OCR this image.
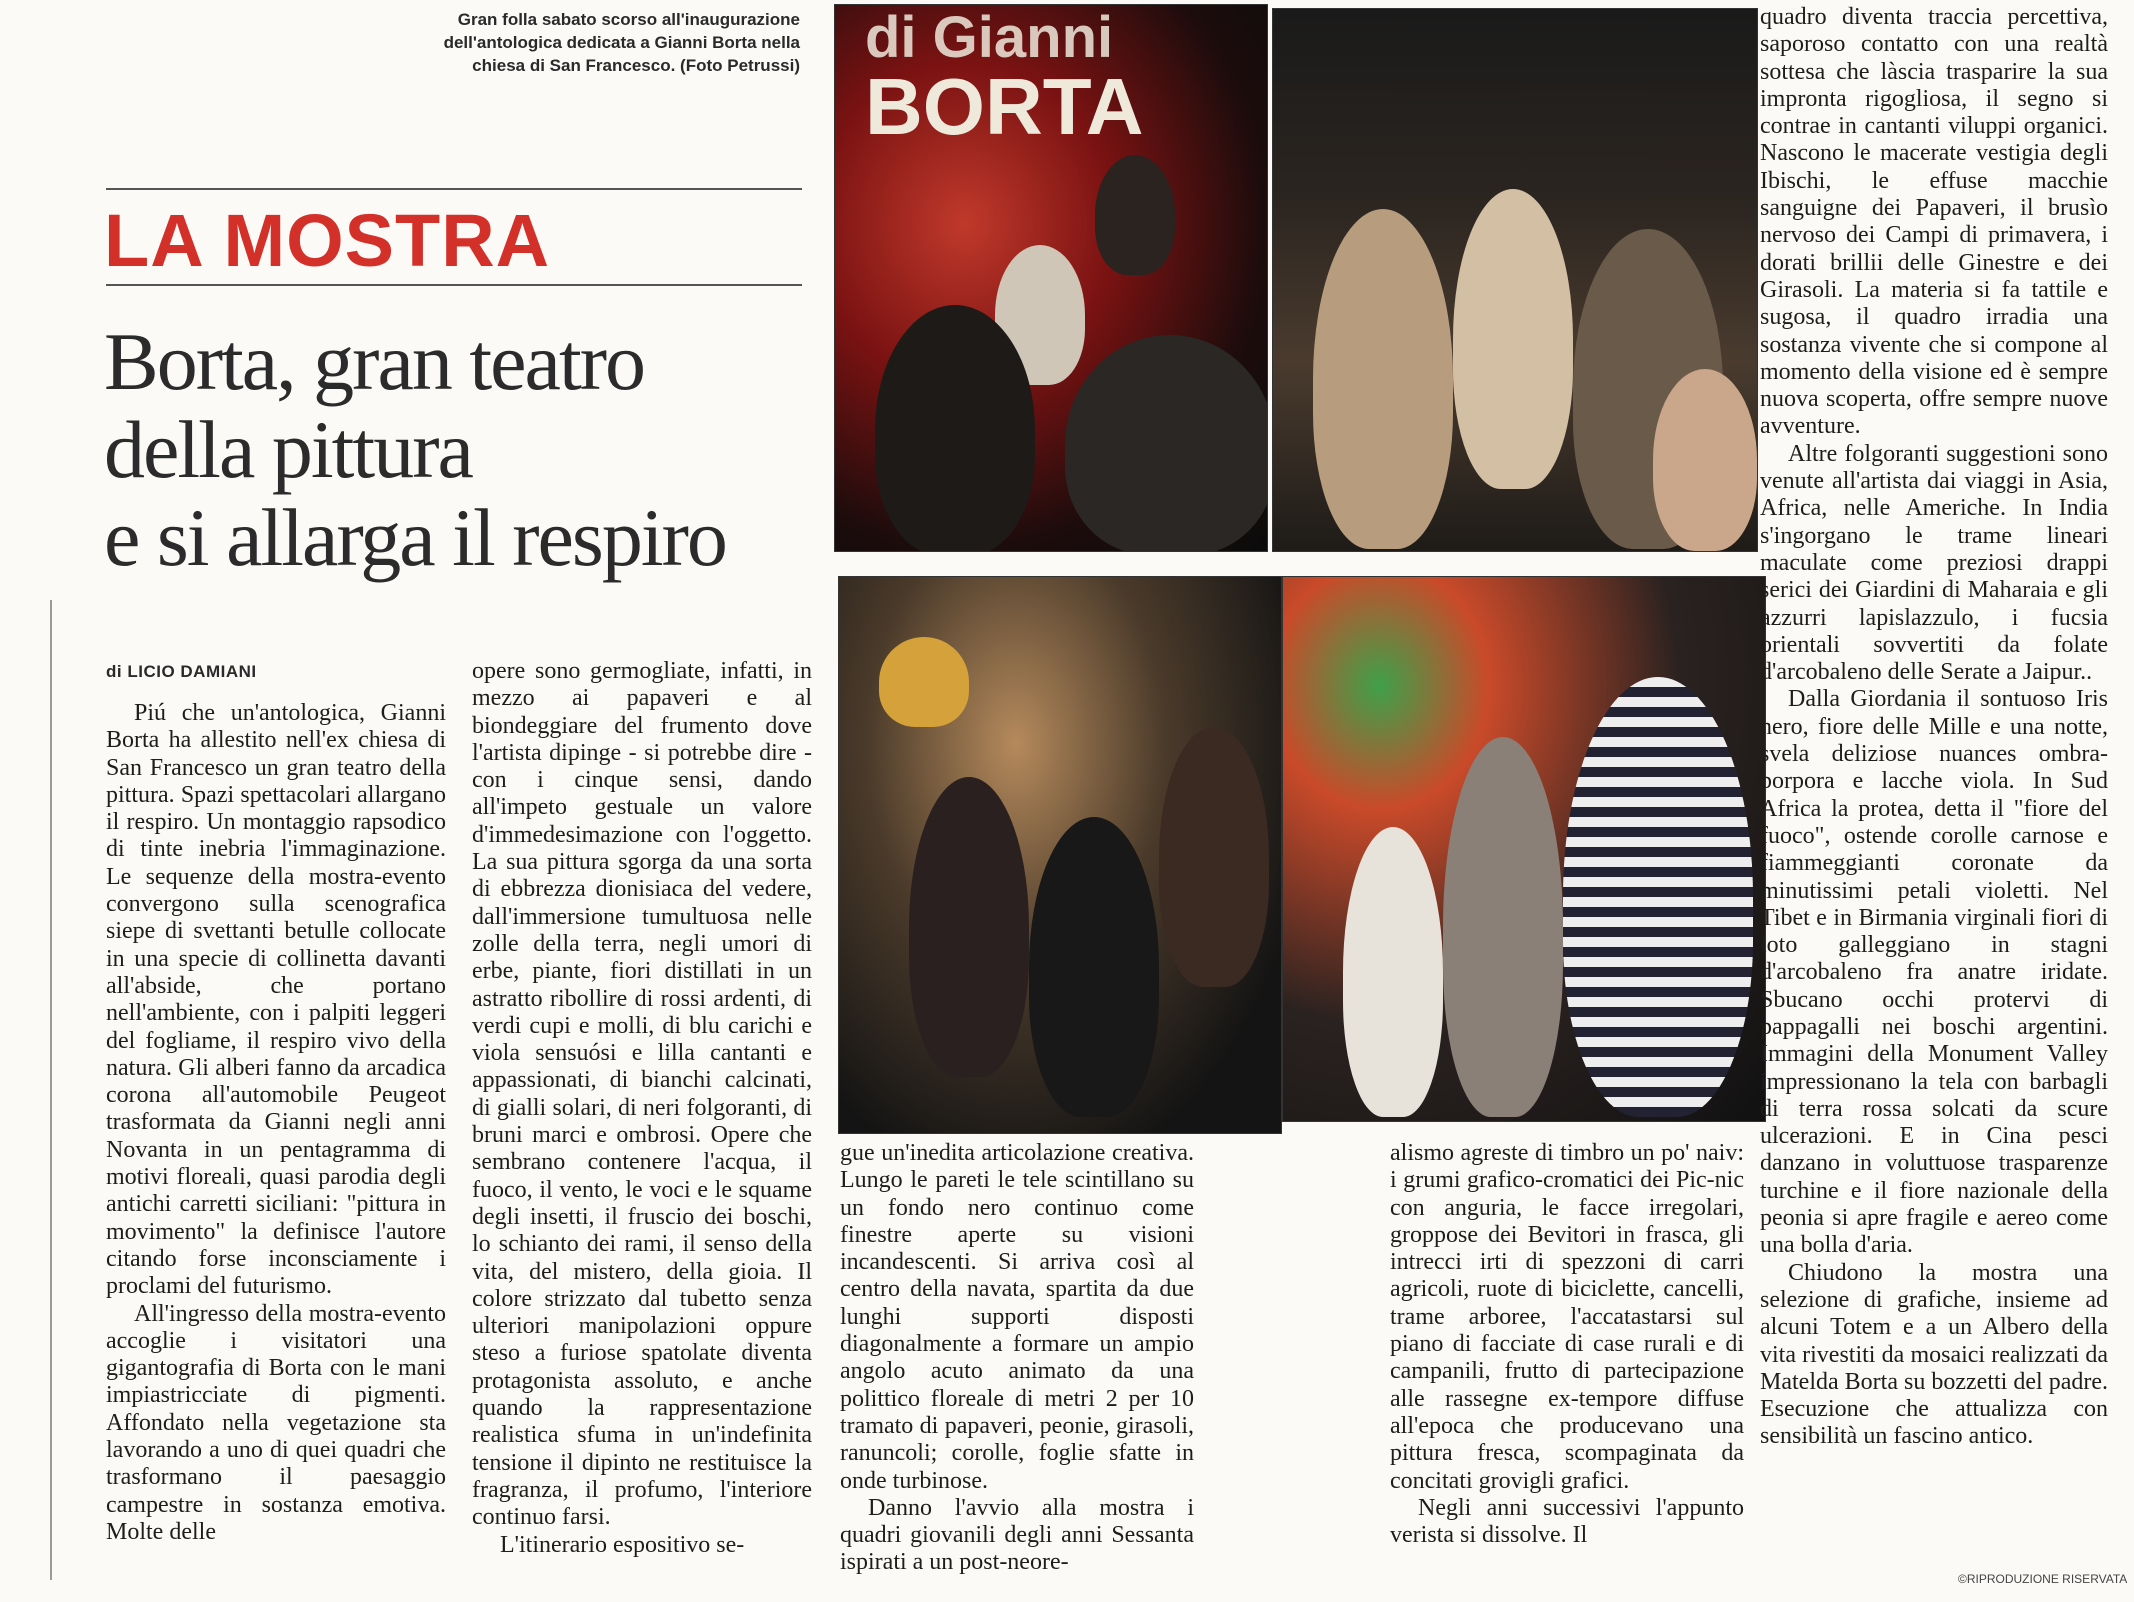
Gran folla sabato scorso all'inaugurazione dell'antologica dedicata a Gianni Borta nella chiesa di San Francesco. (Foto Petrussi)
LA MOSTRA
Borta, gran teatro
della pittura
e si allarga il respiro
di LICIO DAMIANI
di Gianni
BORTA

Piú che un'antologica, Gianni Borta ha allestito nell'ex chiesa di San Francesco un gran teatro della pittura. Spazi spettacolari allargano il respiro. Un montaggio rapsodico di tinte inebria l'immaginazione. Le sequenze della mostra-evento convergono sulla scenografica siepe di svettanti betulle collocate in una specie di collinetta davanti all'abside, che portano nell'ambiente, con i palpiti leggeri del fogliame, il respiro vivo della natura. Gli alberi fanno da arcadica corona all'automobile Peugeot trasformata da Gianni negli anni Novanta in un pentagramma di motivi floreali, quasi parodia degli antichi carretti siciliani: "pittura in movimento" la definisce l'autore citando forse inconsciamente i proclami del futurismo.

All'ingresso della mostra-evento accoglie i visitatori una gigantografia di Borta con le mani impiastricciate di pigmenti. Affondato nella vegetazione sta lavorando a uno di quei quadri che trasformano il paesaggio campestre in sostanza emotiva. Molte delle

opere sono germogliate, infatti, in mezzo ai papaveri e al biondeggiare del frumento dove l'artista dipinge - si potrebbe dire - con i cinque sensi, dando all'impeto gestuale un valore d'immedesimazione con l'oggetto. La sua pittura sgorga da una sorta di ebbrezza dionisiaca del vedere, dall'immersione tumultuosa nelle zolle della terra, negli umori di erbe, piante, fiori distillati in un astratto ribollire di rossi ardenti, di verdi cupi e molli, di blu carichi e viola sensuósi e lilla cantanti e appassionati, di bianchi calcinati, di gialli solari, di neri folgoranti, di bruni marci e ombrosi. Opere che sembrano contenere l'acqua, il fuoco, il vento, le voci e le squame degli insetti, il fruscio dei boschi, lo schianto dei rami, il senso della vita, del mistero, della gioia. Il colore strizzato dal tubetto senza ulteriori manipolazioni oppure steso a furiose spatolate diventa protagonista assoluto, e anche quando la rappresentazione realistica sfuma in un'indefinita tensione il dipinto ne restituisce la fragranza, il profumo, l'interiore continuo farsi.

L'itinerario espositivo se-

gue un'inedita articolazione creativa. Lungo le pareti le tele scintillano su un fondo nero continuo come finestre aperte su visioni incandescenti. Si arriva così al centro della navata, spartita da due lunghi supporti disposti diagonalmente a formare un ampio angolo acuto animato da una polittico floreale di metri 2 per 10 tramato di papaveri, peonie, girasoli, ranuncoli; corolle, foglie sfatte in onde turbinose.

Danno l'avvio alla mostra i quadri giovanili degli anni Sessanta ispirati a un post-neore-

alismo agreste di timbro un po' naiv: i grumi grafico-cromatici dei Pic-nic con anguria, le facce irregolari, groppose dei Bevitori in frasca, gli intrecci irti di spezzoni di carri agricoli, ruote di biciclette, cancelli, trame arboree, l'accatastarsi sul piano di facciate di case rurali e di campanili, frutto di partecipazione alle rassegne ex-tempore diffuse all'epoca che producevano una pittura fresca, scompaginata da concitati grovigli grafici.

Negli anni successivi l'appunto verista si dissolve. Il

quadro diventa traccia percettiva, saporoso contatto con una realtà sottesa che làscia trasparire la sua impronta rigogliosa, il segno si contrae in cantanti viluppi organici. Nascono le macerate vestigia degli Ibischi, le effuse macchie sanguigne dei Papaveri, il brusìo nervoso dei Campi di primavera, i dorati brillii delle Ginestre e dei Girasoli. La materia si fa tattile e sugosa, il quadro irradia una sostanza vivente che si compone al momento della visione ed è sempre nuova scoperta, offre sempre nuove avventure.

Altre folgoranti suggestioni sono venute all'artista dai viaggi in Asia, Africa, nelle Americhe. In India s'ingorgano le trame lineari maculate come preziosi drappi serici dei Giardini di Maharaia e gli azzurri lapislazzulo, i fucsia orientali sovvertiti da folate d'arcobaleno delle Serate a Jaipur..

Dalla Giordania il sontuoso Iris nero, fiore delle Mille e una notte, svela deliziose nuances ombra-porpora e lacche viola. In Sud Africa la protea, detta il "fiore del fuoco", ostende corolle carnose e fiammeggianti coronate da minutissimi petali violetti. Nel Tibet e in Birmania virginali fiori di loto galleggiano in stagni d'arcobaleno fra anatre iridate. Sbucano occhi protervi di pappagalli nei boschi argentini. Immagini della Monument Valley impressionano la tela con barbagli di terra rossa solcati da scure ulcerazioni. E in Cina pesci danzano in voluttuose trasparenze turchine e il fiore nazionale della peonia si apre fragile e aereo come una bolla d'aria.

Chiudono la mostra una selezione di grafiche, insieme ad alcuni Totem e a un Albero della vita rivestiti da mosaici realizzati da Matelda Borta su bozzetti del padre. Esecuzione che attualizza con sensibilità un fascino antico.

©RIPRODUZIONE RISERVATA
